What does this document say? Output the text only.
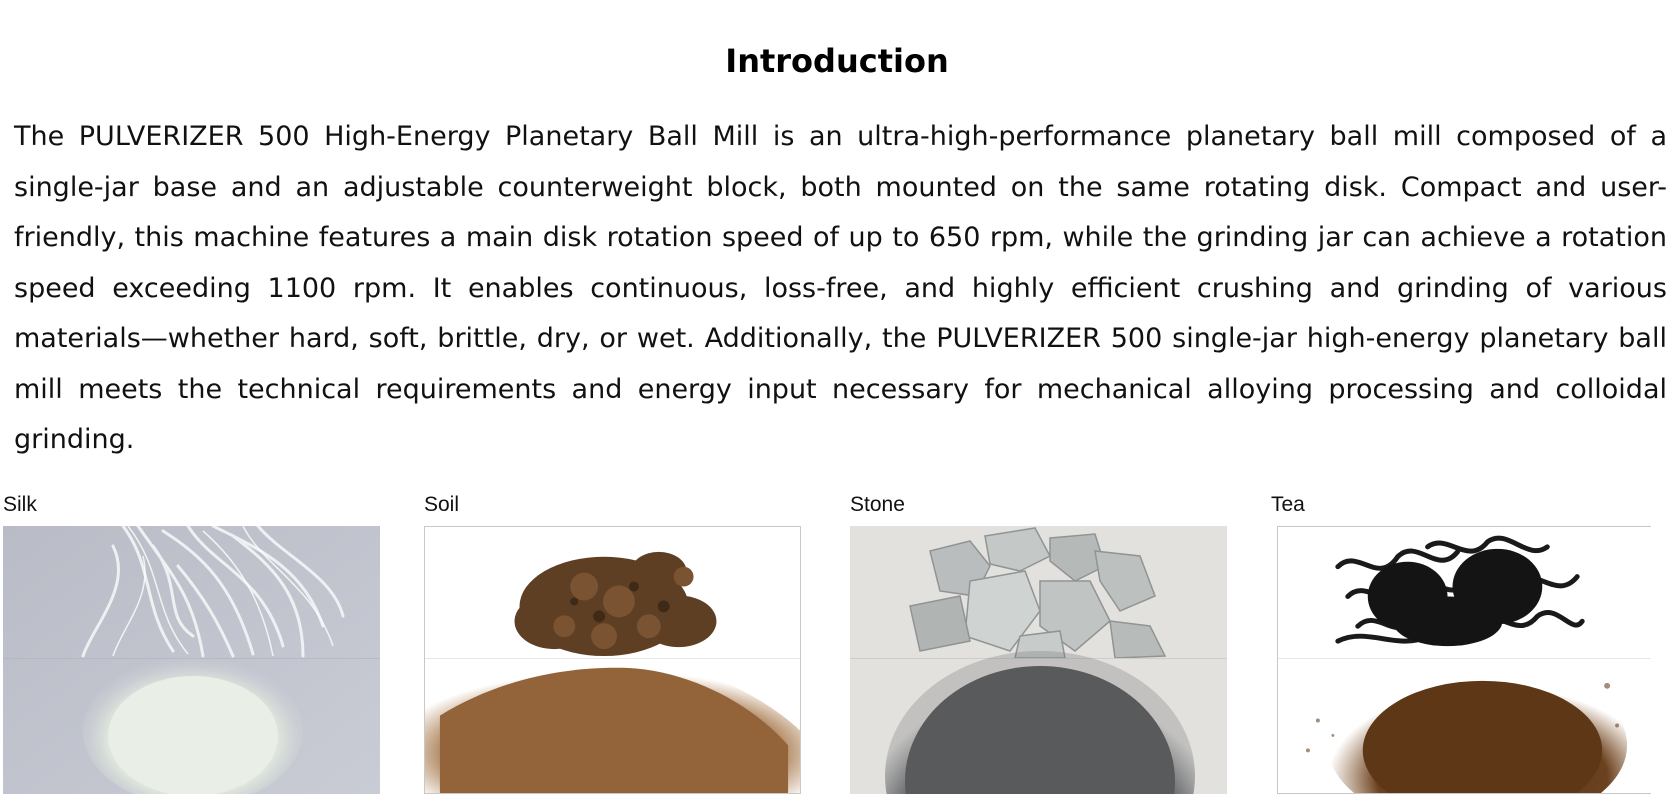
Introduction

The PULVERIZER 500 High-Energy Planetary Ball Mill is an ultra-high-performance planetary ball mill composed of a single-jar base and an adjustable counterweight block, both mounted on the same rotating disk. Compact and user-friendly, this machine features a main disk rotation speed of up to 650 rpm, while the grinding jar can achieve a rotation speed exceeding 1100 rpm. It enables continuous, loss-free, and highly efficient crushing and grinding of various materials—whether hard, soft, brittle, dry, or wet. Additionally, the PULVERIZER 500 single-jar high-energy planetary ball mill meets the technical requirements and energy input necessary for mechanical alloying processing and colloidal grinding.

Silk	Soil	Stone	Tea
